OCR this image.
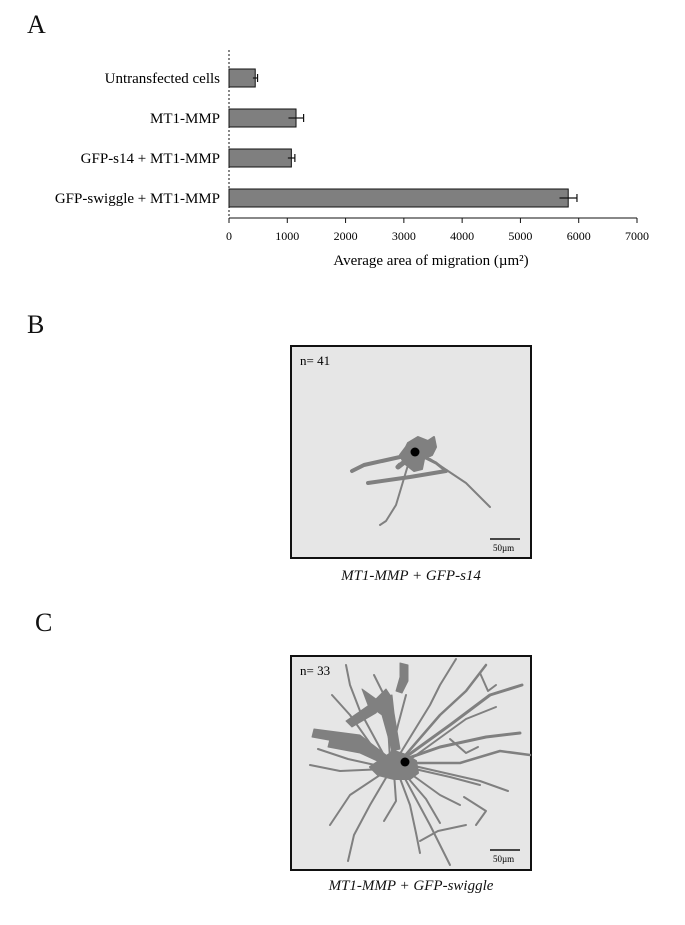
A
B
C
0	1000	2000	3000	4000	5000	6000	7000
Untransfected cells
MT1-MMP
GFP-s14 + MT1-MMP
GFP-swiggle + MT1-MMP
Average area of migration (µm²)
n= 41
50µm
MT1-MMP + GFP-s14
n= 33
50µm
MT1-MMP + GFP-swiggle
